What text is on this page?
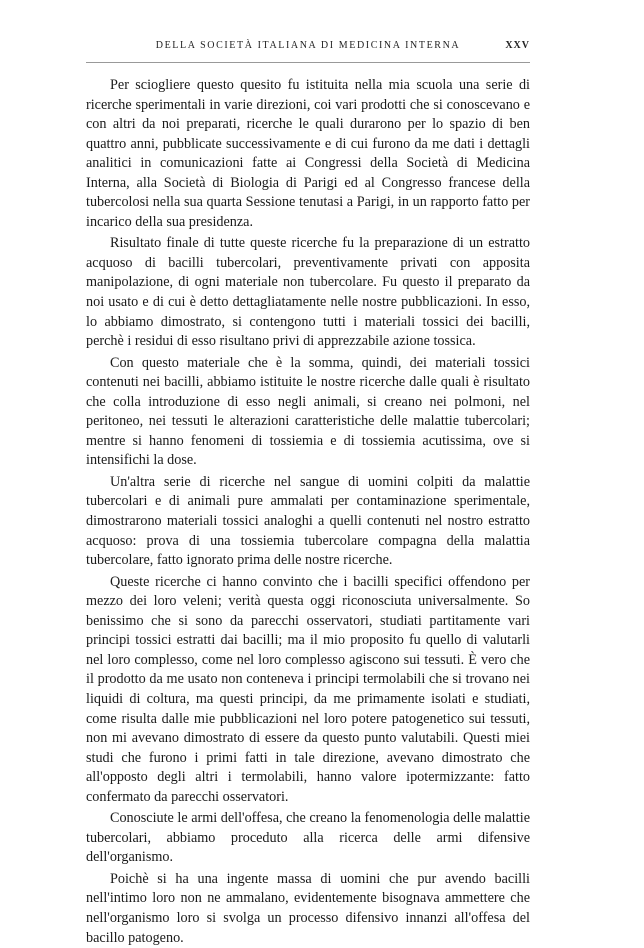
DELLA SOCIETÀ ITALIANA DI MEDICINA INTERNA	XXV

Per sciogliere questo quesito fu istituita nella mia scuola una serie di ricerche sperimentali in varie direzioni, coi vari prodotti che si conoscevano e con altri da noi preparati, ricerche le quali durarono per lo spazio di ben quattro anni, pubblicate successivamente e di cui furono da me dati i dettagli analitici in comunicazioni fatte ai Congressi della Società di Medicina Interna, alla Società di Biologia di Parigi ed al Congresso francese della tubercolosi nella sua quarta Sessione tenutasi a Parigi, in un rapporto fatto per incarico della sua presidenza.

Risultato finale di tutte queste ricerche fu la preparazione di un estratto acquoso di bacilli tubercolari, preventivamente privati con apposita manipolazione, di ogni materiale non tubercolare. Fu questo il preparato da noi usato e di cui è detto dettagliatamente nelle nostre pubblicazioni. In esso, lo abbiamo dimostrato, si contengono tutti i materiali tossici dei bacilli, perchè i residui di esso risultano privi di apprezzabile azione tossica.

Con questo materiale che è la somma, quindi, dei materiali tossici contenuti nei bacilli, abbiamo istituite le nostre ricerche dalle quali è risultato che colla introduzione di esso negli animali, si creano nei polmoni, nel peritoneo, nei tessuti le alterazioni caratteristiche delle malattie tubercolari; mentre si hanno fenomeni di tossiemia e di tossiemia acutissima, ove si intensifichi la dose.

Un'altra serie di ricerche nel sangue di uomini colpiti da malattie tubercolari e di animali pure ammalati per contaminazione sperimentale, dimostrarono materiali tossici analoghi a quelli contenuti nel nostro estratto acquoso: prova di una tossiemia tubercolare compagna della malattia tubercolare, fatto ignorato prima delle nostre ricerche.

Queste ricerche ci hanno convinto che i bacilli specifici offendono per mezzo dei loro veleni; verità questa oggi riconosciuta universalmente. So benissimo che si sono da parecchi osservatori, studiati partitamente vari principi tossici estratti dai bacilli; ma il mio proposito fu quello di valutarli nel loro complesso, come nel loro complesso agiscono sui tessuti. È vero che il prodotto da me usato non conteneva i principi termolabili che si trovano nei liquidi di coltura, ma questi principi, da me primamente isolati e studiati, come risulta dalle mie pubblicazioni nel loro potere patogenetico sui tessuti, non mi avevano dimostrato di essere da questo punto valutabili. Questi miei studi che furono i primi fatti in tale direzione, avevano dimostrato che all'opposto degli altri i termolabili, hanno valore ipotermizzante: fatto confermato da parecchi osservatori.

Conosciute le armi dell'offesa, che creano la fenomenologia delle malattie tubercolari, abbiamo proceduto alla ricerca delle armi difensive dell'organismo.

Poichè si ha una ingente massa di uomini che pur avendo bacilli nell'intimo loro non ne ammalano, evidentemente bisognava ammettere che nell'organismo loro si svolga un processo difensivo innanzi all'offesa del bacillo patogeno.
